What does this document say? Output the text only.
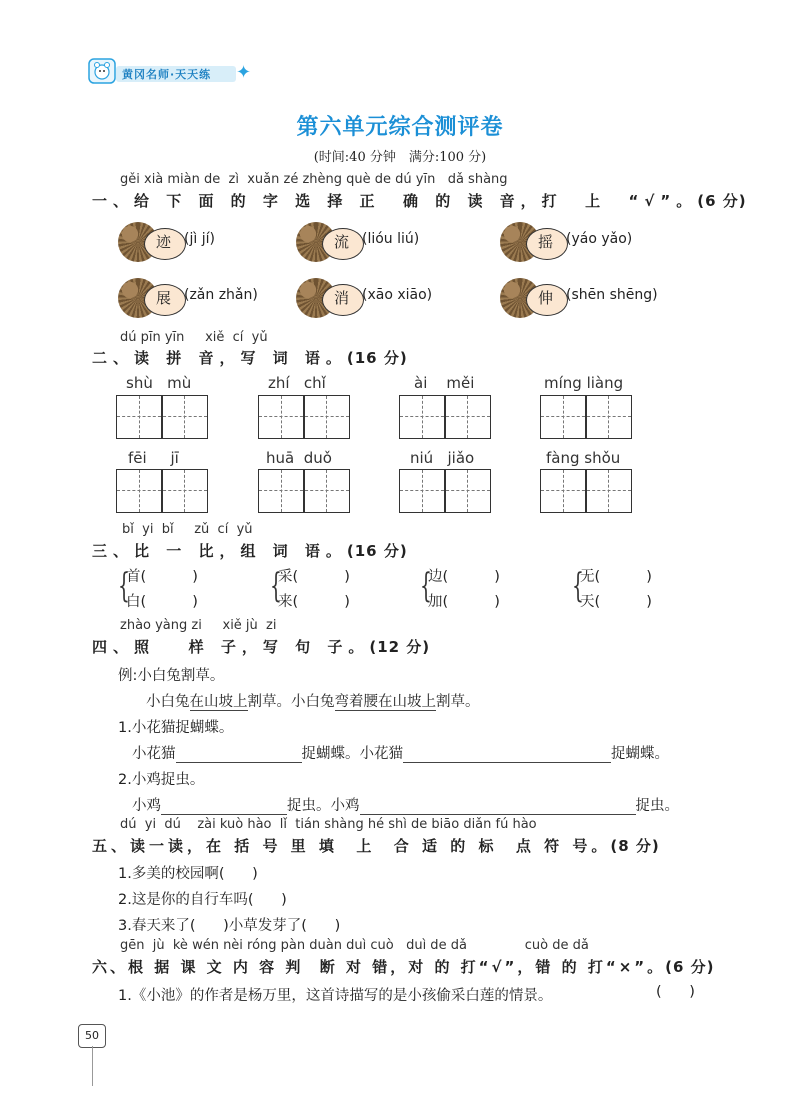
黄冈名师·天天练 ✦
第六单元综合测评卷
(时间:40 分钟　满分:100 分)
gěi xià miàn de  zì  xuǎn zé zhèng què de dú yīn   dǎ shàng
一、给 下 面 的 字 选 择 正  确 的 读 音，打  上  “√”。(6 分)
迹 (jì jí)	流 (lióu liú)	摇 (yáo yǎo)
展 (zǎn zhǎn)	消 (xāo xiāo)	伸 (shēn shēng)
dú pīn yīn     xiě  cí  yǔ
二、读 拼 音，写 词 语。(16 分)
shù   mù	zhí   chǐ	ài    měi	míng liàng
fēi     jī	huā  duǒ	niú   jiǎo	fàng shǒu
bǐ  yi  bǐ     zǔ  cí  yǔ
三、比 一 比，组 词 语。(16 分)
{
首(          )
白(          ) {
采(          )
来(          ) {
边(          )
加(          ) {
无(          )
天(          )
zhào yàng zi     xiě jù  zi
四、照   样 子，写 句 子。(12 分)
例:小白兔割草。
小白兔在山坡上割草。小白兔弯着腰在山坡上割草。
1.小花猫捉蝴蝶。
小花猫	捉蝴蝶。小花猫	捉蝴蝶。
2.小鸡捉虫。
小鸡	捉虫。小鸡	捉虫。
dú  yi  dú    zài kuò hào  lǐ  tián shàng hé shì de biāo diǎn fú hào
五、读一读，在 括 号 里 填  上  合 适 的 标  点 符 号。(8 分)
1.多美的校园啊(      )
2.这是你的自行车吗(      )
3.春天来了(      )小草发芽了(      )
gēn  jù  kè wén nèi róng pàn duàn duì cuò   duì de dǎ              cuò de dǎ
六、根 据 课 文 内 容 判  断 对 错，对 的 打“√”，错 的 打“×”。(6 分)
1.《小池》的作者是杨万里，这首诗描写的是小孩偷采白莲的情景。	(      )
50
